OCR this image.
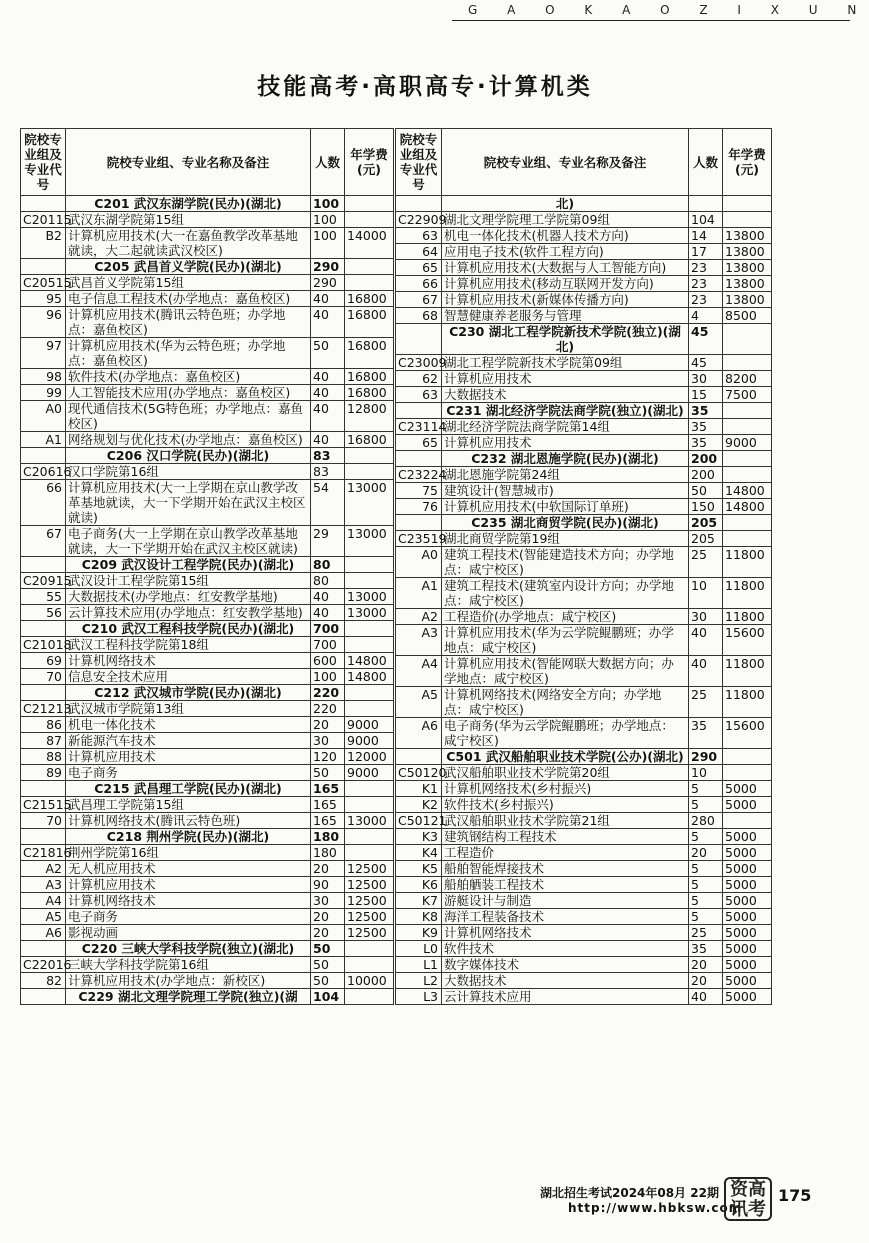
G A O K A O Z I X U N
技能高考·高职高专·计算机类
院校专业组及专业代号	院校专业组、专业名称及备注	人数	年学费(元)
	C201 武汉东湖学院(民办)(湖北)	100	
C20115	武汉东湖学院第15组	100	
B2	计算机应用技术(大一在嘉鱼教学改革基地就读，大二起就读武汉校区)	100	14000
	C205 武昌首义学院(民办)(湖北)	290	
C20515	武昌首义学院第15组	290	
95	电子信息工程技术(办学地点：嘉鱼校区)	40	16800
96	计算机应用技术(腾讯云特色班；办学地点：嘉鱼校区)	40	16800
97	计算机应用技术(华为云特色班；办学地点：嘉鱼校区)	50	16800
98	软件技术(办学地点：嘉鱼校区)	40	16800
99	人工智能技术应用(办学地点：嘉鱼校区)	40	16800
A0	现代通信技术(5G特色班；办学地点：嘉鱼校区)	40	12800
A1	网络规划与优化技术(办学地点：嘉鱼校区)	40	16800
	C206 汉口学院(民办)(湖北)	83	
C20616	汉口学院第16组	83	
66	计算机应用技术(大一上学期在京山教学改革基地就读，大一下学期开始在武汉主校区就读)	54	13000
67	电子商务(大一上学期在京山教学改革基地就读，大一下学期开始在武汉主校区就读)	29	13000
	C209 武汉设计工程学院(民办)(湖北)	80	
C20915	武汉设计工程学院第15组	80	
55	大数据技术(办学地点：红安教学基地)	40	13000
56	云计算技术应用(办学地点：红安教学基地)	40	13000
	C210 武汉工程科技学院(民办)(湖北)	700	
C21018	武汉工程科技学院第18组	700	
69	计算机网络技术	600	14800
70	信息安全技术应用	100	14800
	C212 武汉城市学院(民办)(湖北)	220	
C21213	武汉城市学院第13组	220	
86	机电一体化技术	20	9000
87	新能源汽车技术	30	9000
88	计算机应用技术	120	12000
89	电子商务	50	9000
	C215 武昌理工学院(民办)(湖北)	165	
C21515	武昌理工学院第15组	165	
70	计算机网络技术(腾讯云特色班)	165	13000
	C218 荆州学院(民办)(湖北)	180	
C21816	荆州学院第16组	180	
A2	无人机应用技术	20	12500
A3	计算机应用技术	90	12500
A4	计算机网络技术	30	12500
A5	电子商务	20	12500
A6	影视动画	20	12500
	C220 三峡大学科技学院(独立)(湖北)	50	
C22016	三峡大学科技学院第16组	50	
82	计算机应用技术(办学地点：新校区)	50	10000
	C229 湖北文理学院理工学院(独立)(湖	104	
院校专业组及专业代号	院校专业组、专业名称及备注	人数	年学费(元)
	北)		
C22909	湖北文理学院理工学院第09组	104	
63	机电一体化技术(机器人技术方向)	14	13800
64	应用电子技术(软件工程方向)	17	13800
65	计算机应用技术(大数据与人工智能方向)	23	13800
66	计算机应用技术(移动互联网开发方向)	23	13800
67	计算机应用技术(新媒体传播方向)	23	13800
68	智慧健康养老服务与管理	4	8500
	C230 湖北工程学院新技术学院(独立)(湖北)	45	
C23009	湖北工程学院新技术学院第09组	45	
62	计算机应用技术	30	8200
63	大数据技术	15	7500
	C231 湖北经济学院法商学院(独立)(湖北)	35	
C23114	湖北经济学院法商学院第14组	35	
65	计算机应用技术	35	9000
	C232 湖北恩施学院(民办)(湖北)	200	
C23224	湖北恩施学院第24组	200	
75	建筑设计(智慧城市)	50	14800
76	计算机应用技术(中软国际订单班)	150	14800
	C235 湖北商贸学院(民办)(湖北)	205	
C23519	湖北商贸学院第19组	205	
A0	建筑工程技术(智能建造技术方向；办学地点：咸宁校区)	25	11800
A1	建筑工程技术(建筑室内设计方向；办学地点：咸宁校区)	10	11800
A2	工程造价(办学地点：咸宁校区)	30	11800
A3	计算机应用技术(华为云学院鲲鹏班；办学地点：咸宁校区)	40	15600
A4	计算机应用技术(智能网联大数据方向；办学地点：咸宁校区)	40	11800
A5	计算机网络技术(网络安全方向；办学地点：咸宁校区)	25	11800
A6	电子商务(华为云学院鲲鹏班；办学地点：咸宁校区)	35	15600
	C501 武汉船舶职业技术学院(公办)(湖北)	290	
C50120	武汉船舶职业技术学院第20组	10	
K1	计算机网络技术(乡村振兴)	5	5000
K2	软件技术(乡村振兴)	5	5000
C50121	武汉船舶职业技术学院第21组	280	
K3	建筑钢结构工程技术	5	5000
K4	工程造价	20	5000
K5	船舶智能焊接技术	5	5000
K6	船舶舾装工程技术	5	5000
K7	游艇设计与制造	5	5000
K8	海洋工程装备技术	5	5000
K9	计算机网络技术	25	5000
L0	软件技术	35	5000
L1	数字媒体技术	20	5000
L2	大数据技术	20	5000
L3	云计算技术应用	40	5000
湖北招生考试2024年08月 22期
http://www.hbksw.com
资高讯考
175
